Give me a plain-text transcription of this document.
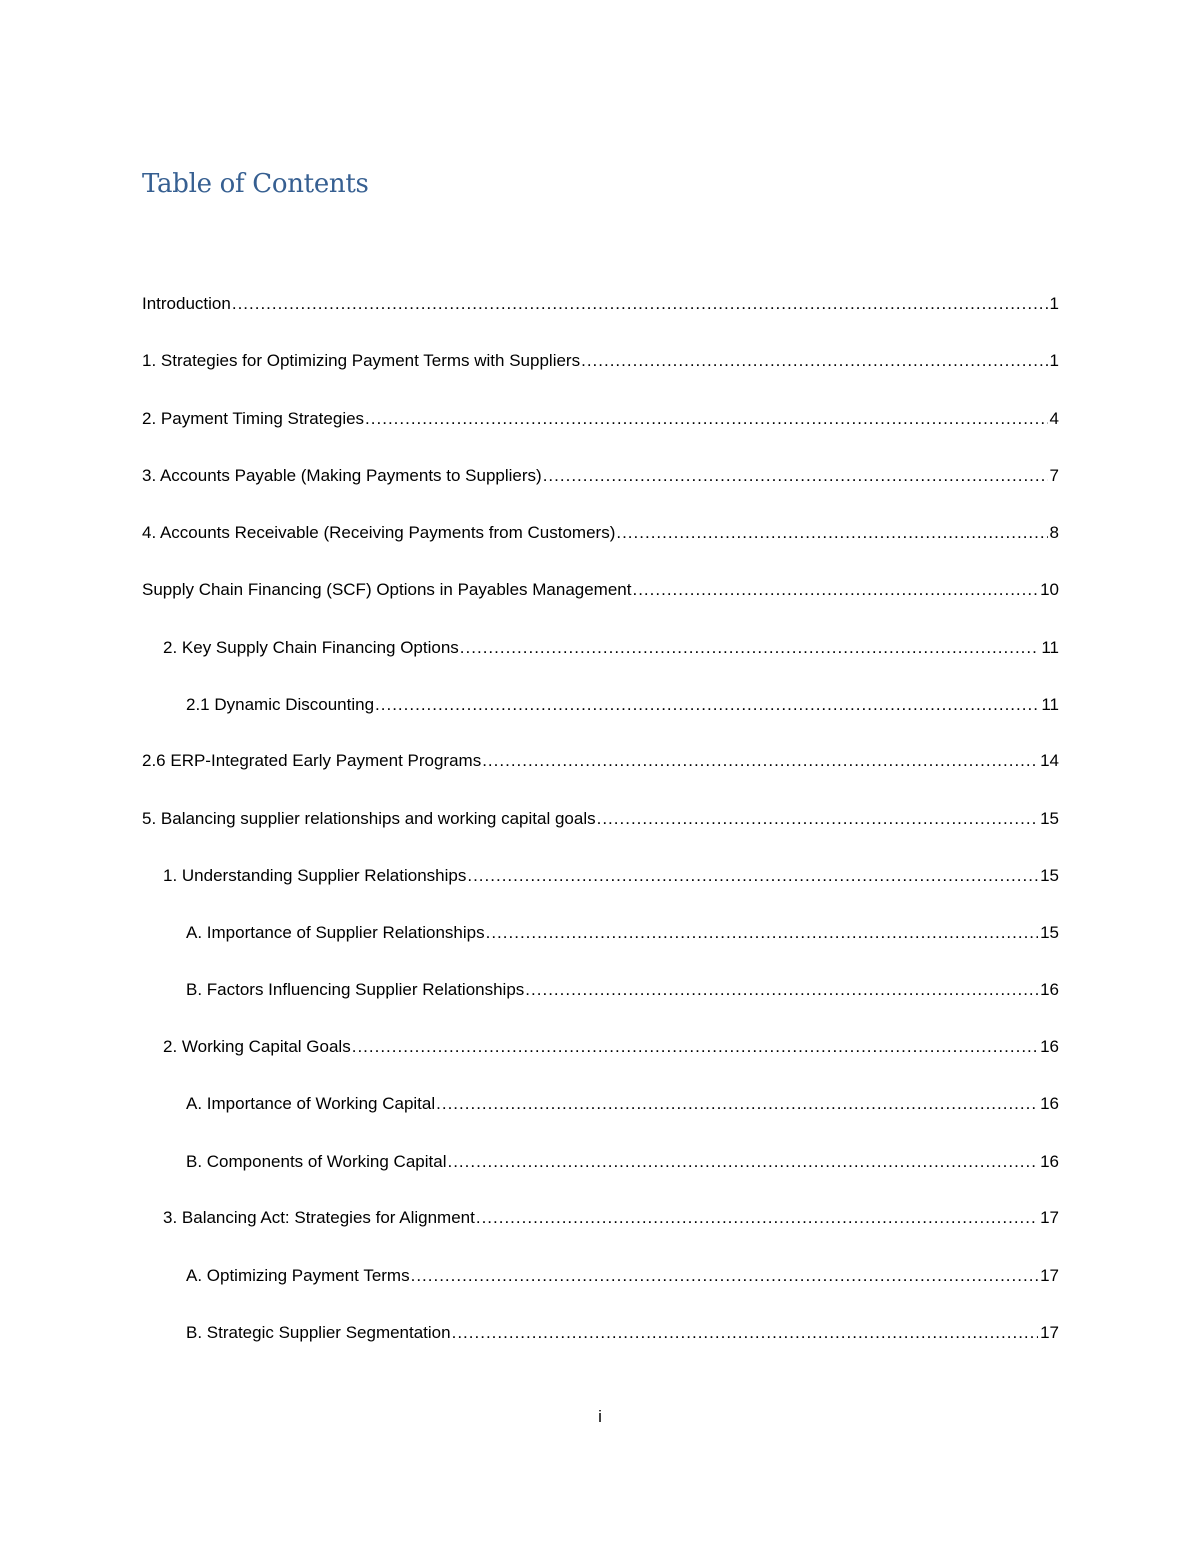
Table of Contents
Introduction .....	1
1. Strategies for Optimizing Payment Terms with Suppliers .....	1
2. Payment Timing Strategies .....	4
3. Accounts Payable (Making Payments to Suppliers) .....	7
4. Accounts Receivable (Receiving Payments from Customers) .....	8
Supply Chain Financing (SCF) Options in Payables Management .....	10
2. Key Supply Chain Financing Options .....	11
2.1 Dynamic Discounting .....	11
2.6 ERP-Integrated Early Payment Programs .....	14
5. Balancing supplier relationships and working capital goals .....	15
1. Understanding Supplier Relationships .....	15
A. Importance of Supplier Relationships .....	15
B. Factors Influencing Supplier Relationships .....	16
2. Working Capital Goals .....	16
A. Importance of Working Capital .....	16
B. Components of Working Capital .....	16
3. Balancing Act: Strategies for Alignment .....	17
A. Optimizing Payment Terms .....	17
B. Strategic Supplier Segmentation .....	17
i
